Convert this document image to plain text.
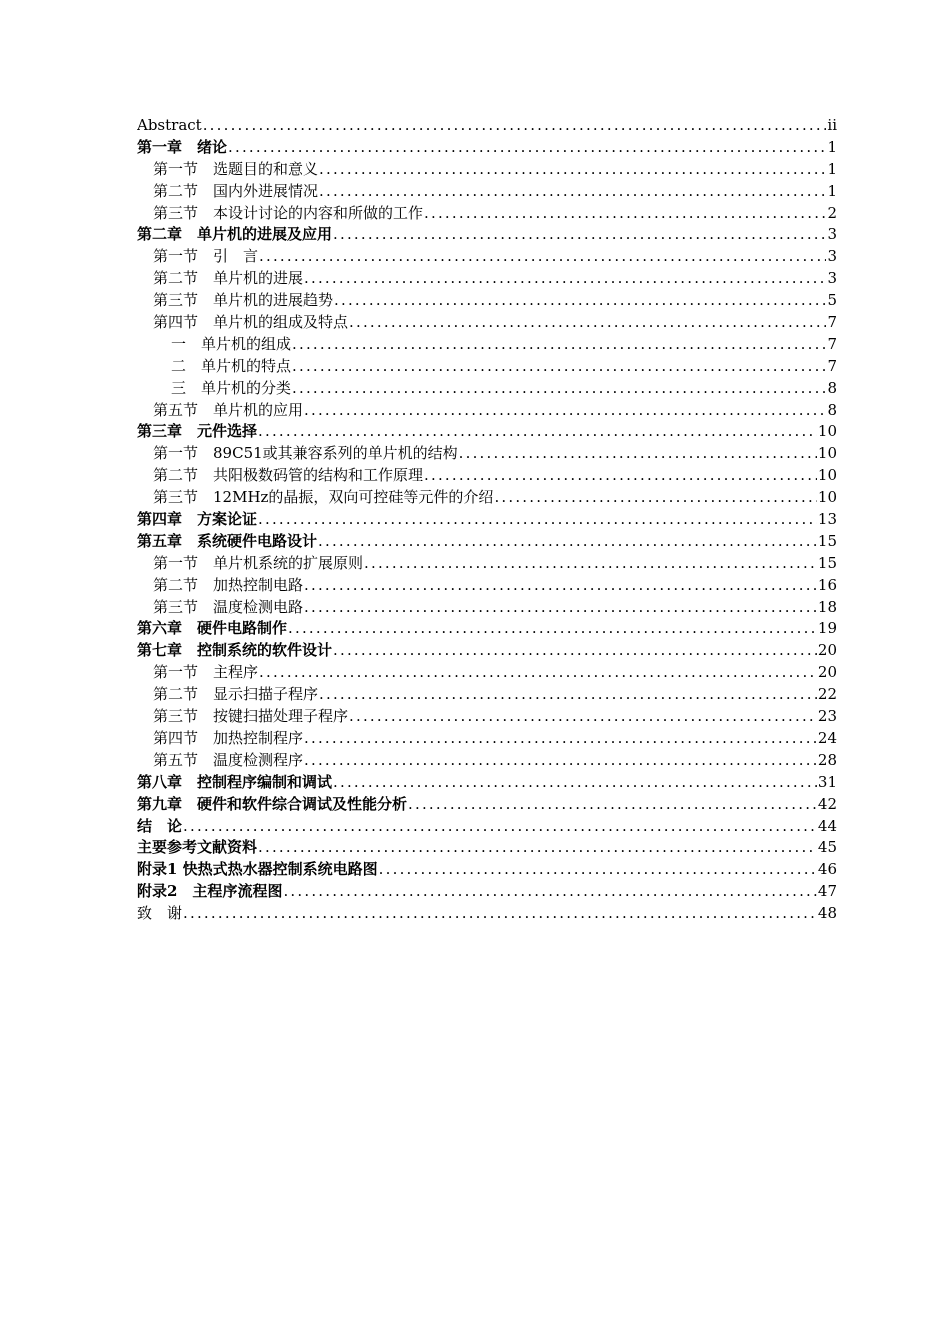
Abstract .....	ii
第一章　绪论 .....	1
第一节　选题目的和意义 .....	1
第二节　国内外进展情况 .....	1
第三节　本设计讨论的内容和所做的工作 .....	2
第二章　单片机的进展及应用 .....	3
第一节　引　言 .....	3
第二节　单片机的进展 .....	3
第三节　单片机的进展趋势 .....	5
第四节　单片机的组成及特点 .....	7
一　单片机的组成 .....	7
二　单片机的特点 .....	7
三　单片机的分类 .....	8
第五节　单片机的应用 .....	8
第三章　元件选择 .....	10
第一节　89C51或其兼容系列的单片机的结构 .....	10
第二节　共阳极数码管的结构和工作原理 .....	10
第三节　12MHz的晶振，双向可控硅等元件的介绍 .....	10
第四章　方案论证 .....	13
第五章　系统硬件电路设计 .....	15
第一节　单片机系统的扩展原则 .....	15
第二节　加热控制电路 .....	16
第三节　温度检测电路 .....	18
第六章　硬件电路制作 .....	19
第七章　控制系统的软件设计 .....	20
第一节　主程序 .....	20
第二节　显示扫描子程序 .....	22
第三节　按键扫描处理子程序 .....	23
第四节　加热控制程序 .....	24
第五节　温度检测程序 .....	28
第八章　控制程序编制和调试 .....	31
第九章　硬件和软件综合调试及性能分析 .....	42
结　论 .....	44
主要参考文献资料 .....	45
附录1 快热式热水器控制系统电路图 .....	46
附录2　主程序流程图 .....	47
致　谢 .....	48
